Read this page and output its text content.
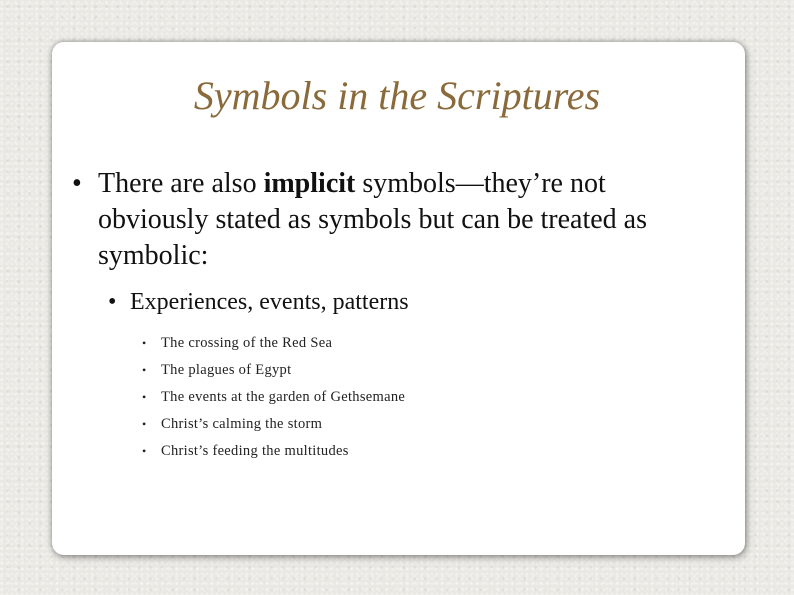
Symbols in the Scriptures
• There are also implicit symbols—they’re not obviously stated as symbols but can be treated as symbolic:
• Experiences, events, patterns
• The crossing of the Red Sea
• The plagues of Egypt
• The events at the garden of Gethsemane
• Christ’s calming the storm
• Christ’s feeding the multitudes
